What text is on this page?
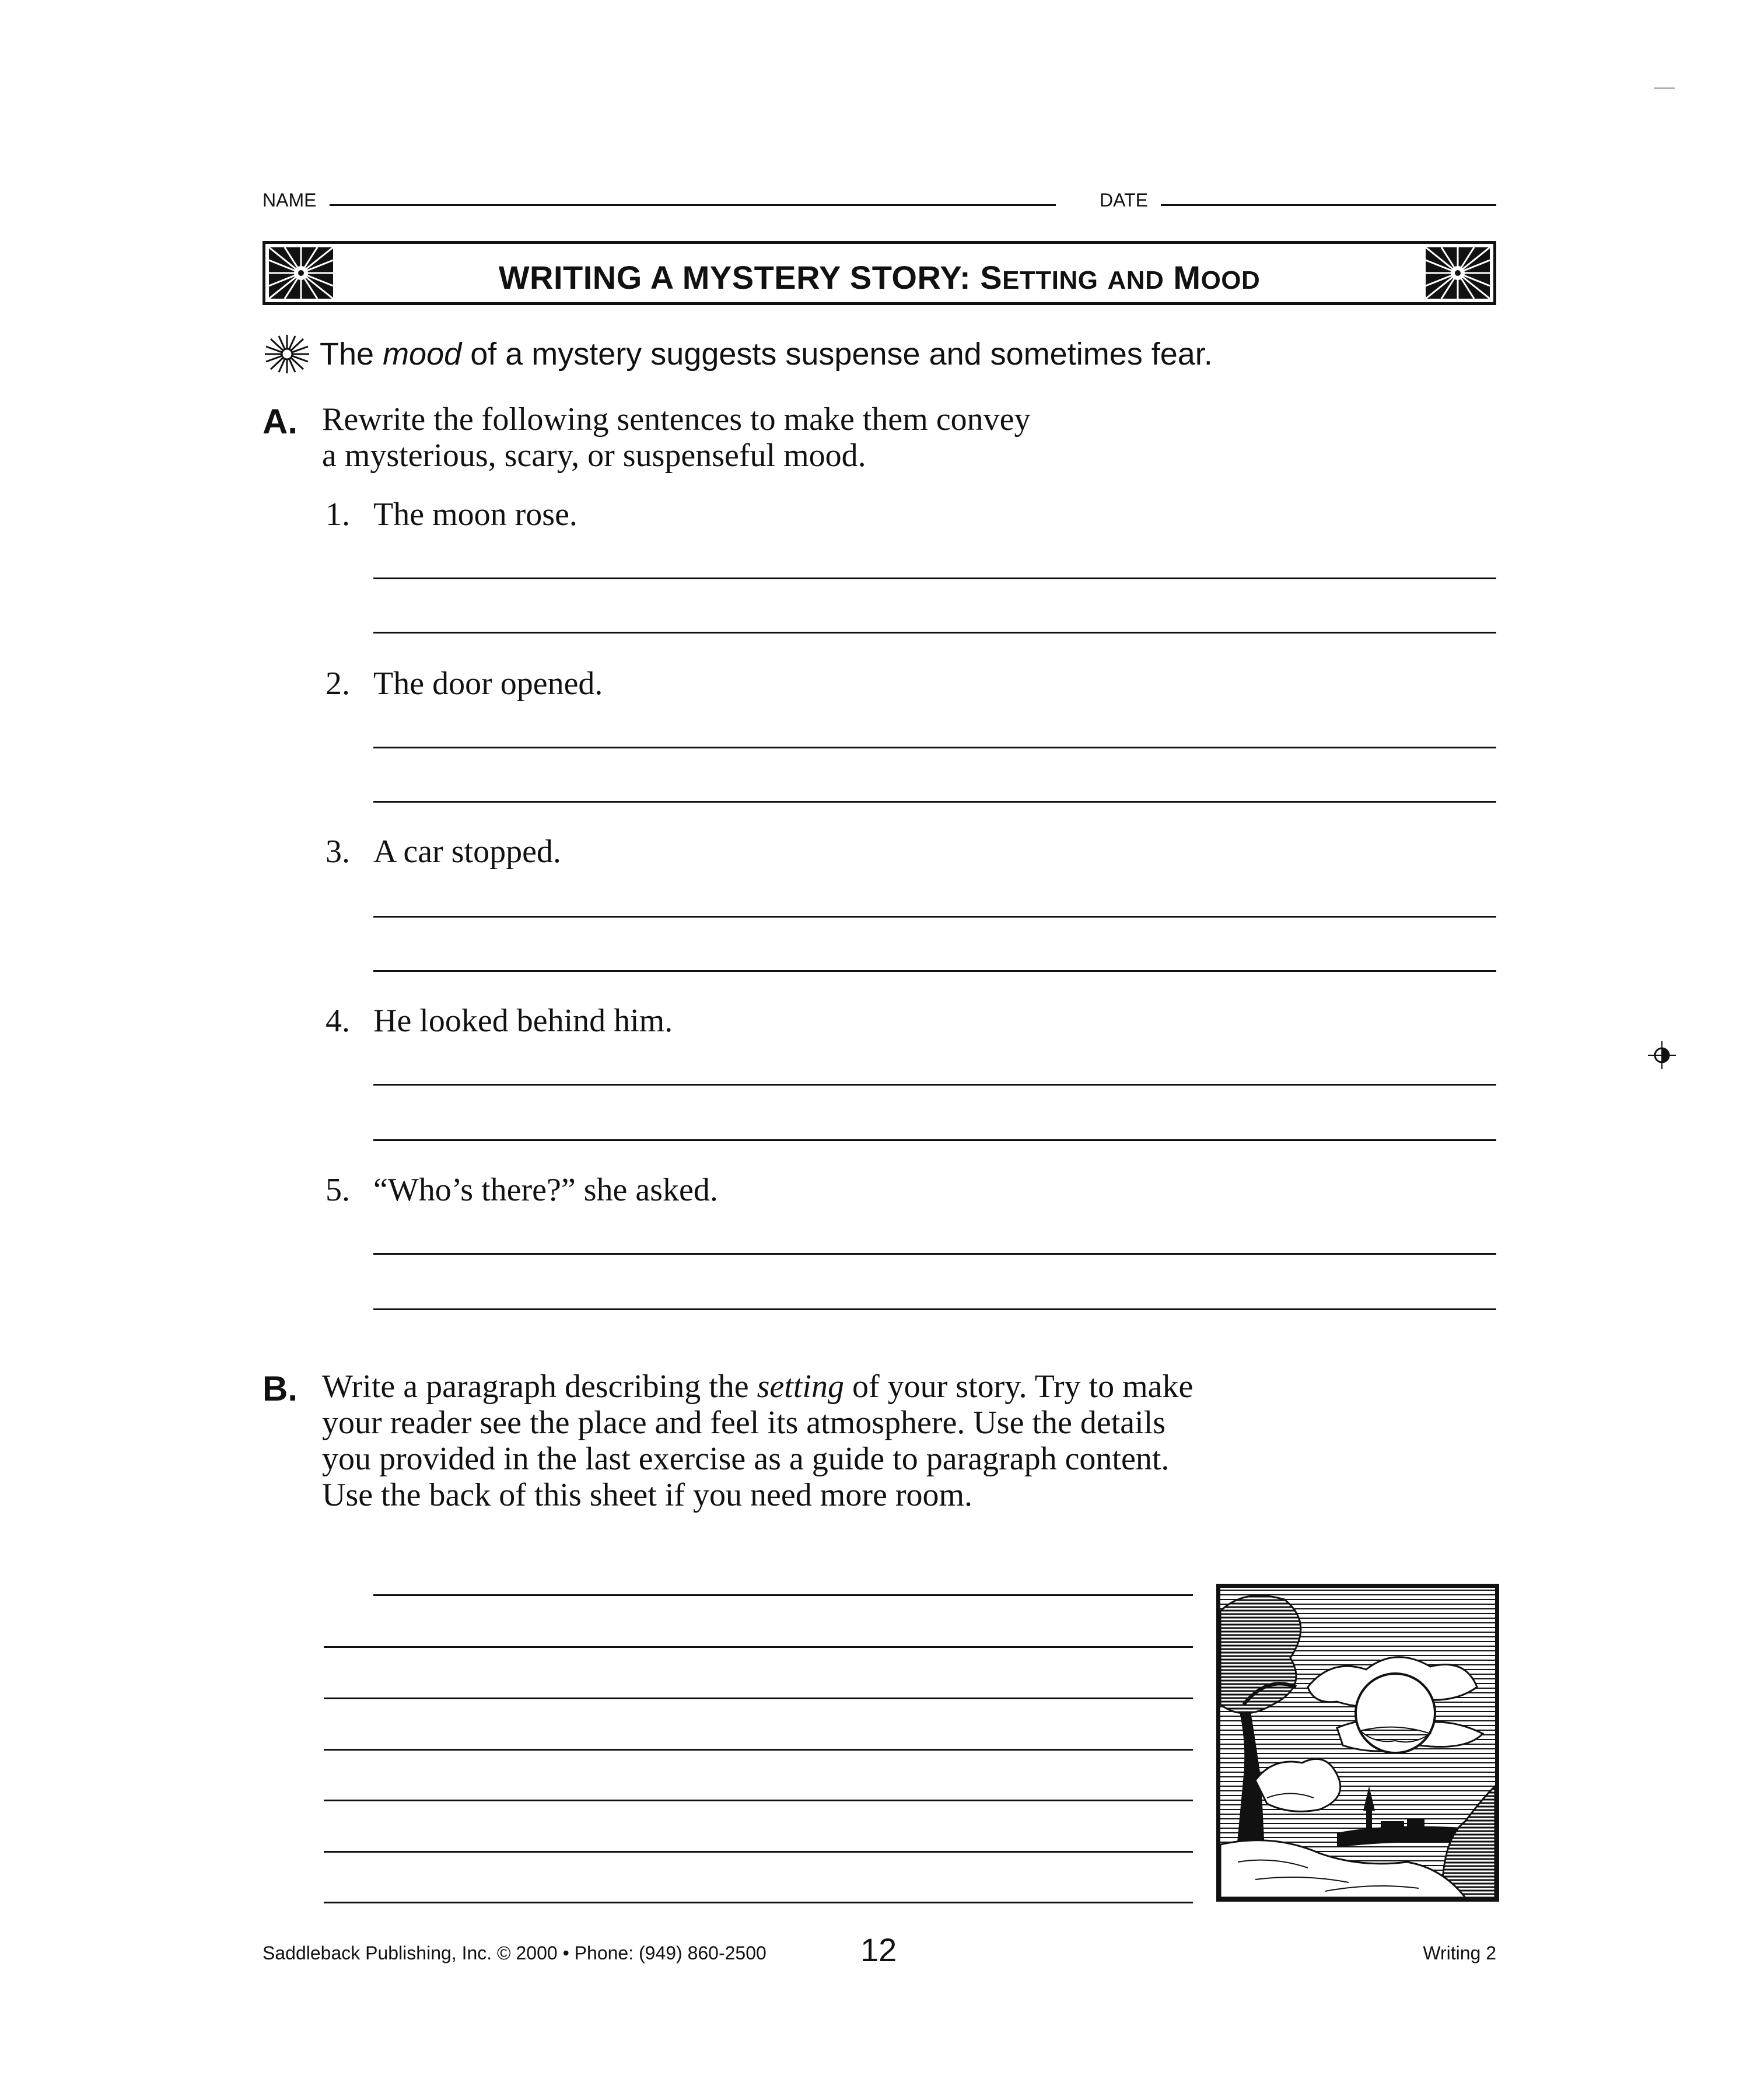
NAME	DATE
WRITING A MYSTERY STORY: SETTING AND MOOD
The mood of a mystery suggests suspense and sometimes fear.
A. Rewrite the following sentences to make them convey
a mysterious, scary, or suspenseful mood.
1. The moon rose.
2. The door opened.
3. A car stopped.
4. He looked behind him.
5. “Who’s there?” she asked.
B. Write a paragraph describing the setting of your story. Try to make
your reader see the place and feel its atmosphere. Use the details
you provided in the last exercise as a guide to paragraph content.
Use the back of this sheet if you need more room.
Saddleback Publishing, Inc. © 2000 • Phone: (949) 860-2500	12	Writing 2
